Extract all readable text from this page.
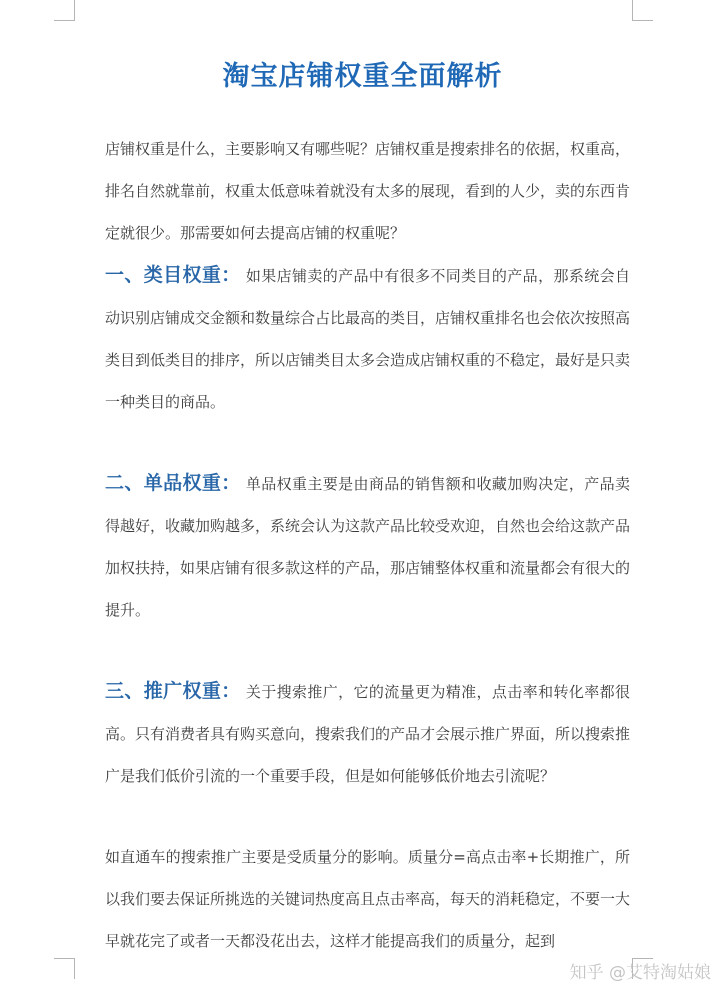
淘宝店铺权重全面解析

店铺权重是什么，主要影响又有哪些呢？店铺权重是搜索排名的依据，权重高，排名自然就靠前，权重太低意味着就没有太多的展现，看到的人少，卖的东西肯定就很少。那需要如何去提高店铺的权重呢？

一、类目权重： 如果店铺卖的产品中有很多不同类目的产品，那系统会自动识别店铺成交金额和数量综合占比最高的类目，店铺权重排名也会依次按照高类目到低类目的排序，所以店铺类目太多会造成店铺权重的不稳定，最好是只卖一种类目的商品。

二、单品权重： 单品权重主要是由商品的销售额和收藏加购决定，产品卖得越好，收藏加购越多，系统会认为这款产品比较受欢迎，自然也会给这款产品加权扶持，如果店铺有很多款这样的产品，那店铺整体权重和流量都会有很大的提升。

三、推广权重： 关于搜索推广，它的流量更为精准，点击率和转化率都很高。只有消费者具有购买意向，搜索我们的产品才会展示推广界面，所以搜索推广是我们低价引流的一个重要手段，但是如何能够低价地去引流呢？

如直通车的搜索推广主要是受质量分的影响。质量分=高点击率+长期推广，所以我们要去保证所挑选的关键词热度高且点击率高，每天的消耗稳定，不要一大早就花完了或者一天都没花出去，这样才能提高我们的质量分，起到

知乎 @艾特淘姑娘
